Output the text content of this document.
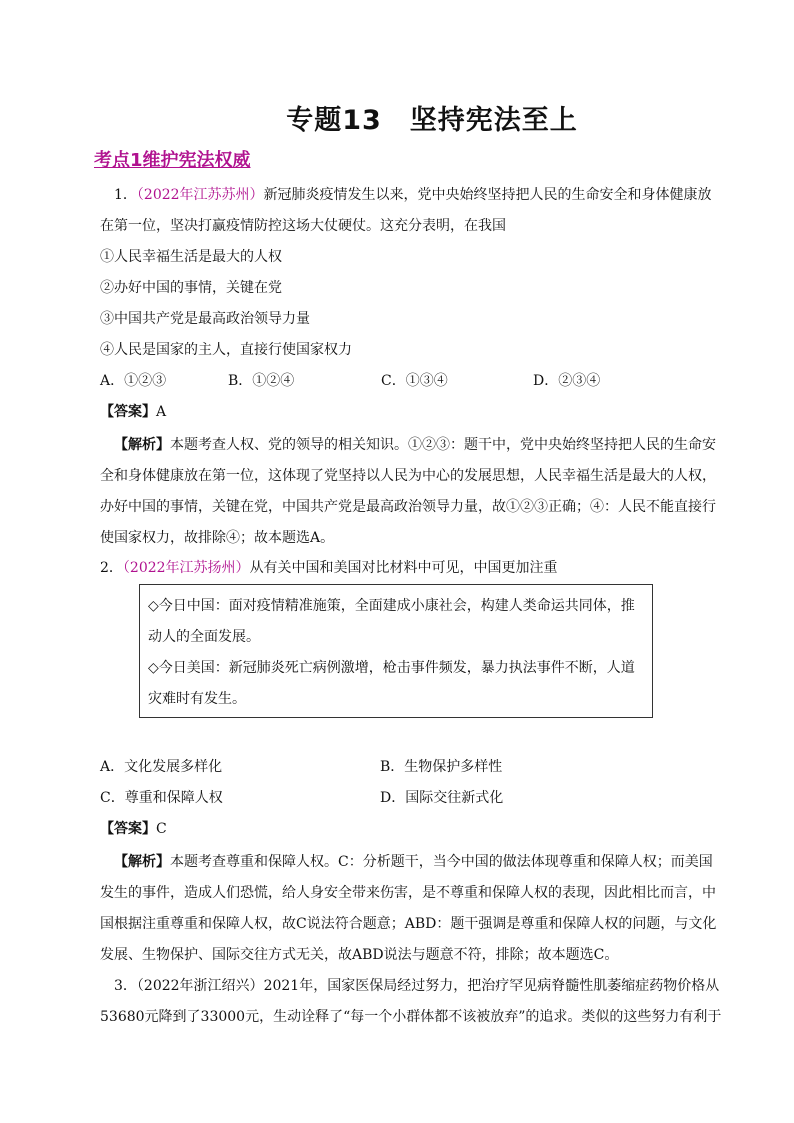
专题13　坚持宪法至上
考点1维护宪法权威
1．（2022年江苏苏州）新冠肺炎疫情发生以来，党中央始终坚持把人民的生命安全和身体健康放在第一位，坚决打赢疫情防控这场大仗硬仗。这充分表明，在我国
①人民幸福生活是最大的人权
②办好中国的事情，关键在党
③中国共产党是最高政治领导力量
④人民是国家的主人，直接行使国家权力
A．①②③	B．①②④	C．①③④	D．②③④
【答案】A
【解析】本题考查人权、党的领导的相关知识。①②③：题干中，党中央始终坚持把人民的生命安全和身体健康放在第一位，这体现了党坚持以人民为中心的发展思想，人民幸福生活是最大的人权，办好中国的事情，关键在党，中国共产党是最高政治领导力量，故①②③正确；④：人民不能直接行使国家权力，故排除④；故本题选A。
2．（2022年江苏扬州）从有关中国和美国对比材料中可见，中国更加注重
◇今日中国：面对疫情精准施策，全面建成小康社会，构建人类命运共同体，推动人的全面发展。
◇今日美国：新冠肺炎死亡病例激增，枪击事件频发，暴力执法事件不断，人道灾难时有发生。
A．文化发展多样化	B．生物保护多样性
C．尊重和保障人权	D．国际交往新式化
【答案】C
【解析】本题考查尊重和保障人权。C：分析题干，当今中国的做法体现尊重和保障人权；而美国发生的事件，造成人们恐慌，给人身安全带来伤害，是不尊重和保障人权的表现，因此相比而言，中国根据注重尊重和保障人权，故C说法符合题意；ABD：题干强调是尊重和保障人权的问题，与文化发展、生物保护、国际交往方式无关，故ABD说法与题意不符，排除；故本题选C。
3．（2022年浙江绍兴）2021年，国家医保局经过努力，把治疗罕见病脊髓性肌萎缩症药物价格从53680元降到了33000元，生动诠释了“每一个小群体都不该被放弃”的追求。类似的这些努力有利于
